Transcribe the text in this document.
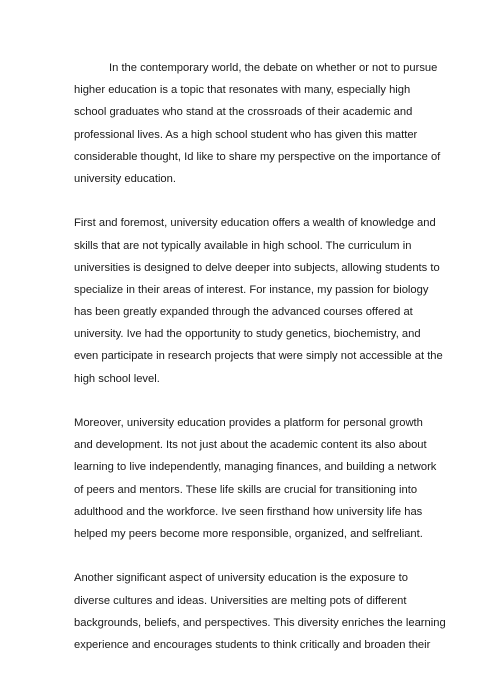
In the contemporary world, the debate on whether or not to pursue
higher education is a topic that resonates with many, especially high
school graduates who stand at the crossroads of their academic and
professional lives. As a high school student who has given this matter
considerable thought, Id like to share my perspective on the importance of
university education.

First and foremost, university education offers a wealth of knowledge and
skills that are not typically available in high school. The curriculum in
universities is designed to delve deeper into subjects, allowing students to
specialize in their areas of interest. For instance, my passion for biology
has been greatly expanded through the advanced courses offered at
university. Ive had the opportunity to study genetics, biochemistry, and
even participate in research projects that were simply not accessible at the
high school level.

Moreover, university education provides a platform for personal growth
and development. Its not just about the academic content its also about
learning to live independently, managing finances, and building a network
of peers and mentors. These life skills are crucial for transitioning into
adulthood and the workforce. Ive seen firsthand how university life has
helped my peers become more responsible, organized, and selfreliant.

Another significant aspect of university education is the exposure to
diverse cultures and ideas. Universities are melting pots of different
backgrounds, beliefs, and perspectives. This diversity enriches the learning
experience and encourages students to think critically and broaden their
